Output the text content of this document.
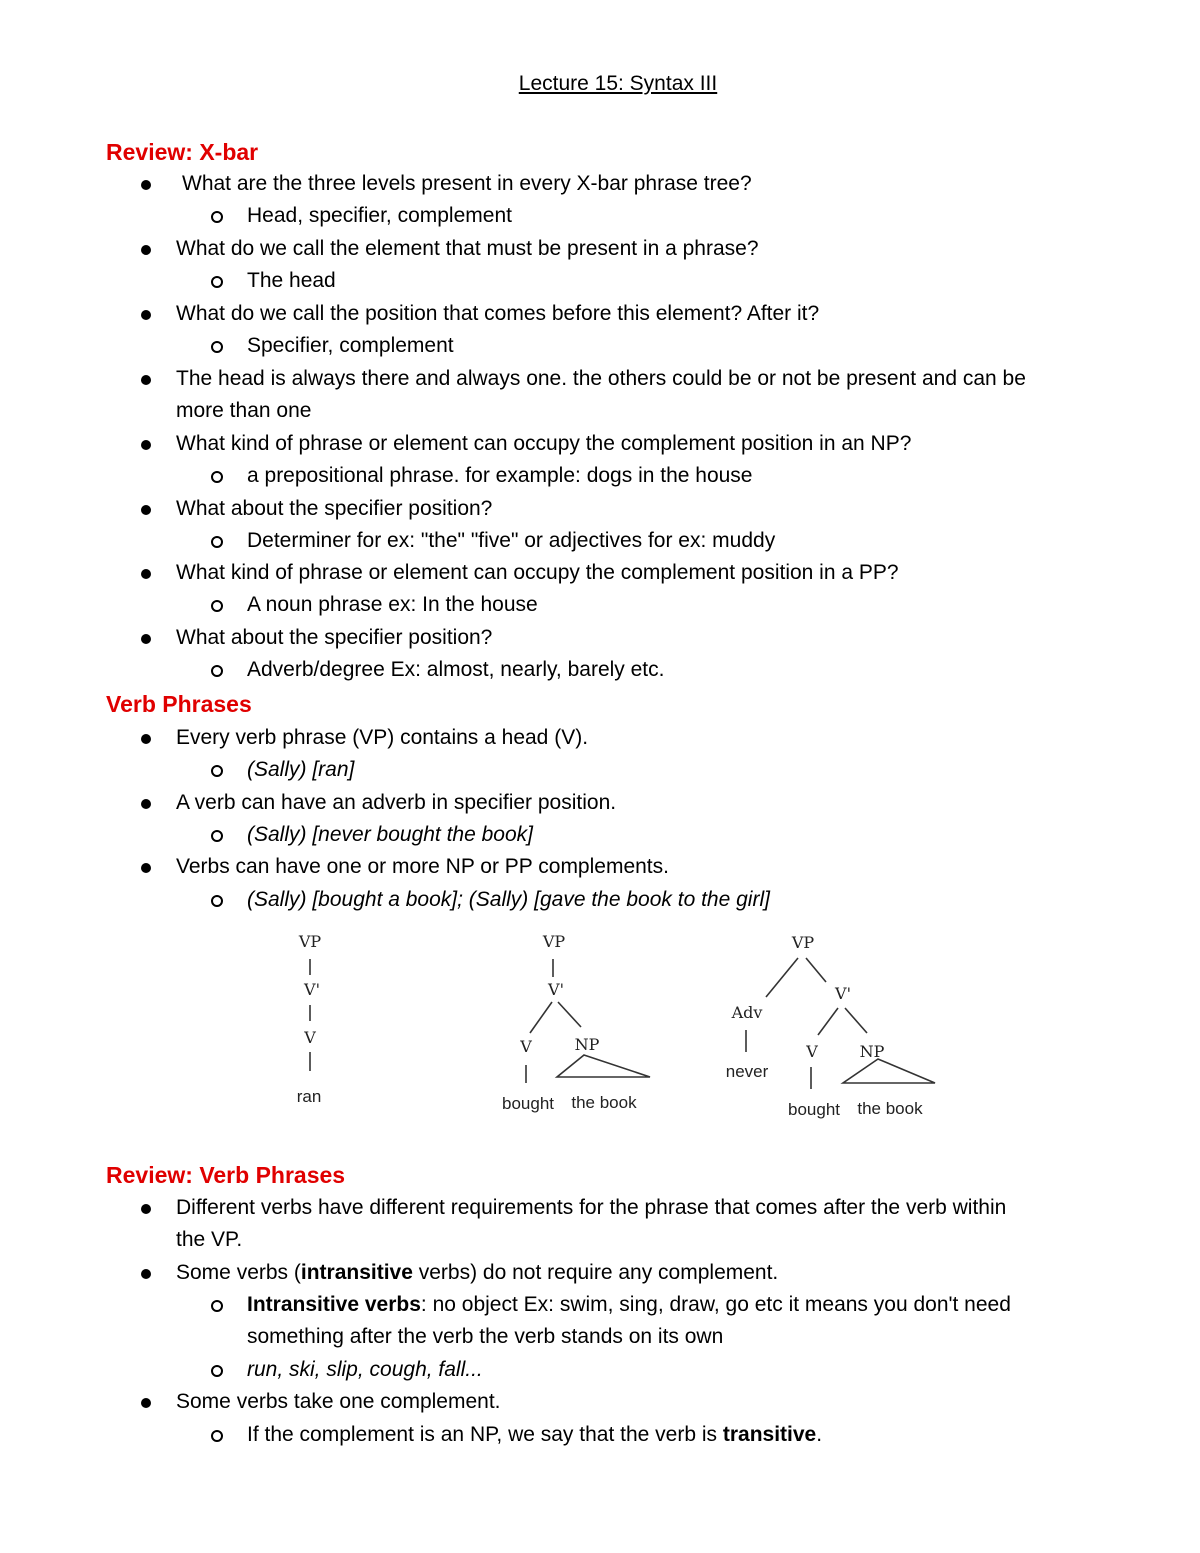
Lecture 15: Syntax III
Review: X-bar
What are the three levels present in every X-bar phrase tree?
Head, specifier, complement
What do we call the element that must be present in a phrase?
The head
What do we call the position that comes before this element? After it?
Specifier, complement
The head is always there and always one. the others could be or not be present and can be
more than one
What kind of phrase or element can occupy the complement position in an NP?
a prepositional phrase. for example: dogs in the house
What about the specifier position?
Determiner for ex: "the" "five" or adjectives for ex: muddy
What kind of phrase or element can occupy the complement position in a PP?
A noun phrase ex: In the house
What about the specifier position?
Adverb/degree Ex: almost, nearly, barely etc.
Verb Phrases
Every verb phrase (VP) contains a head (V).
(Sally) [ran]
A verb can have an adverb in specifier position.
(Sally) [never bought the book]
Verbs can have one or more NP or PP complements.
(Sally) [bought a book]; (Sally) [gave the book to the girl]
VP
V'
V
VP
V'
V	NP
VP
Adv
V'
V	NP
ran	bought the book
never
bought the book
Review: Verb Phrases
Different verbs have different requirements for the phrase that comes after the verb within
the VP.
Some verbs (intransitive verbs) do not require any complement.
Intransitive verbs: no object Ex: swim, sing, draw, go etc it means you don't need
something after the verb the verb stands on its own
run, ski, slip, cough, fall...
Some verbs take one complement.
If the complement is an NP, we say that the verb is transitive.
